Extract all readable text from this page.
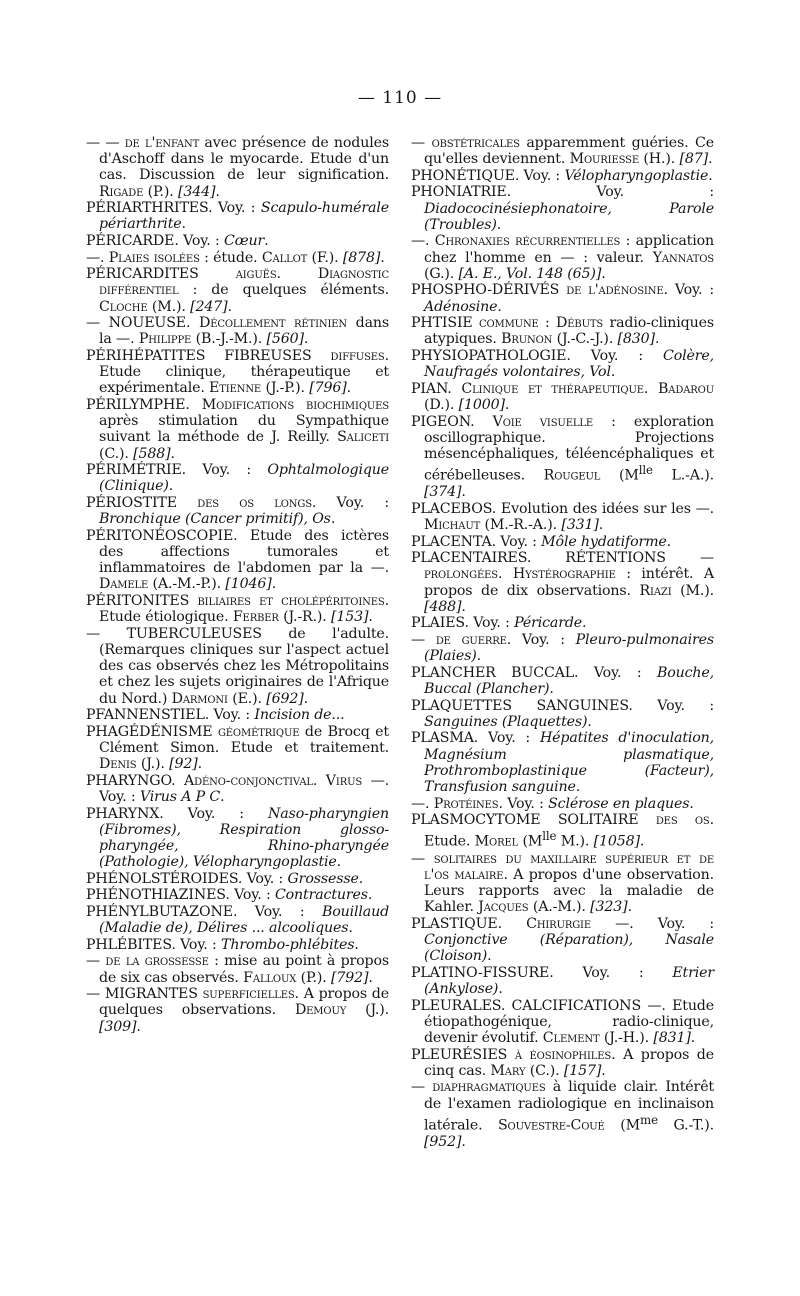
— 110 —
— — de l'enfant avec présence de nodules d'Aschoff dans le myocarde. Etude d'un cas. Discussion de leur signification. Rigade (P.). [344].
PÉRIARTHRITES. Voy. : Scapulo-humérale périarthrite.
PÉRICARDE. Voy. : Cœur.
—. Plaies isolées : étude. Callot (F.). [878].
PÉRICARDITES aiguës. Diagnostic différentiel : de quelques éléments. Cloche (M.). [247].
— NOUEUSE. Décollement rétinien dans la —. Philippe (B.-J.-M.). [560].
PÉRIHÉPATITES FIBREUSES diffuses. Etude clinique, thérapeutique et expérimentale. Etienne (J.-P.). [796].
PÉRILYMPHE. Modifications biochimiques après stimulation du Sympathique suivant la méthode de J. Reilly. Saliceti (C.). [588].
PÉRIMÉTRIE. Voy. : Ophtalmologique (Clinique).
PÉRIOSTITE des os longs. Voy. : Bronchique (Cancer primitif), Os.
PÉRITONÉOSCOPIE. Etude des ictères des affections tumorales et inflammatoires de l'abdomen par la —. Damele (A.-M.-P.). [1046].
PÉRITONITES biliaires et cholépéritoines. Etude étiologique. Ferber (J.-R.). [153].
— TUBERCULEUSES de l'adulte. (Remarques cliniques sur l'aspect actuel des cas observés chez les Métropolitains et chez les sujets originaires de l'Afrique du Nord.) Darmoni (E.). [692].
PFANNENSTIEL. Voy. : Incision de...
PHAGÉDÉNISME géométrique de Brocq et Clément Simon. Etude et traitement. Denis (J.). [92].
PHARYNGO. Adéno-conjonctival. Virus —. Voy. : Virus A P C.
PHARYNX. Voy. : Naso-pharyngien (Fibromes), Respiration glosso-pharyngée, Rhino-pharyngée (Pathologie), Vélopharyngoplastie.
PHÉNOLSTÉROIDES. Voy. : Grossesse.
PHÉNOTHIAZINES. Voy. : Contractures.
PHÉNYLBUTAZONE. Voy. : Bouillaud (Maladie de), Délires ... alcooliques.
PHLÉBITES. Voy. : Thrombo-phlébites.
— de la grossesse : mise au point à propos de six cas observés. Falloux (P.). [792].
— MIGRANTES superficielles. A propos de quelques observations. Demouy (J.). [309].
— obstétricales apparemment guéries. Ce qu'elles deviennent. Mouriesse (H.). [87].
PHONÉTIQUE. Voy. : Vélopharyngoplastie.
PHONIATRIE. Voy. : Diadococinésiephonatoire, Parole (Troubles).
—. Chronaxies récurrentielles : application chez l'homme en — : valeur. Yannatos (G.). [A. E., Vol. 148 (65)].
PHOSPHO-DÉRIVÉS de l'adénosine. Voy. : Adénosine.
PHTISIE commune : Débuts radio-cliniques atypiques. Brunon (J.-C.-J.). [830].
PHYSIOPATHOLOGIE. Voy. : Colère, Naufragés volontaires, Vol.
PIAN. Clinique et thérapeutique. Badarou (D.). [1000].
PIGEON. Voie visuelle : exploration oscillographique. Projections mésencéphaliques, téléencéphaliques et cérébelleuses. Rougeul ($M^{lle}$ L.-A.). [374].
PLACEBOS. Evolution des idées sur les —. Michaut (M.-R.-A.). [331].
PLACENTA. Voy. : Môle hydatiforme.
PLACENTAIRES. RÉTENTIONS — prolongées. Hystérographie : intérêt. A propos de dix observations. Riazi (M.). [488].
PLAIES. Voy. : Péricarde.
— de guerre. Voy. : Pleuro-pulmonaires (Plaies).
PLANCHER BUCCAL. Voy. : Bouche, Buccal (Plancher).
PLAQUETTES SANGUINES. Voy. : Sanguines (Plaquettes).
PLASMA. Voy. : Hépatites d'inoculation, Magnésium plasmatique, Prothromboplastinique (Facteur), Transfusion sanguine.
—. Protéines. Voy. : Sclérose en plaques.
PLASMOCYTOME SOLITAIRE des os. Etude. Morel ($M^{lle}$ M.). [1058].
— solitaires du maxillaire supérieur et de l'os malaire. A propos d'une observation. Leurs rapports avec la maladie de Kahler. Jacques (A.-M.). [323].
PLASTIQUE. Chirurgie —. Voy. : Conjonctive (Réparation), Nasale (Cloison).
PLATINO-FISSURE. Voy. : Etrier (Ankylose).
PLEURALES. CALCIFICATIONS —. Etude étiopathogénique, radio-clinique, devenir évolutif. Clement (J.-H.). [831].
PLEURÉSIES à éosinophiles. A propos de cinq cas. Mary (C.). [157].
— diaphragmatiques à liquide clair. Intérêt de l'examen radiologique en inclinaison latérale. Souvestre-Coué ($M^{me}$ G.-T.). [952].
